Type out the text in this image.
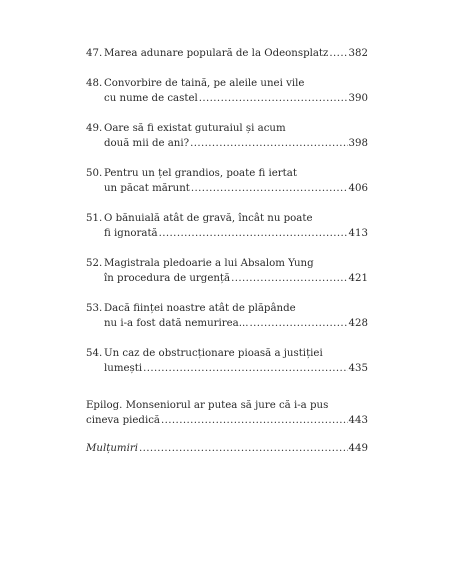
47. Marea adunare populară de la Odeonsplatz ..... 382
48. Convorbire de taină, pe aleile unei vile
cu nume de castel .....	390
49. Oare să fi existat guturaiul și acum
două mii de ani? .....	398
50. Pentru un țel grandios, poate fi iertat
un păcat mărunt .....	406
51. O bănuială atât de gravă, încât nu poate
fi ignorată .....	413
52. Magistrala pledoarie a lui Absalom Yung
în procedura de urgență .....	421
53. Dacă ființei noastre atât de plăpânde
nu i-a fost dată nemurirea... .....	428
54. Un caz de obstrucționare pioasă a justiției
lumești .....	435
Epilog. Monseniorul ar putea să jure că i-a pus
cineva piedică .....	443
Mulțumiri .....	449
